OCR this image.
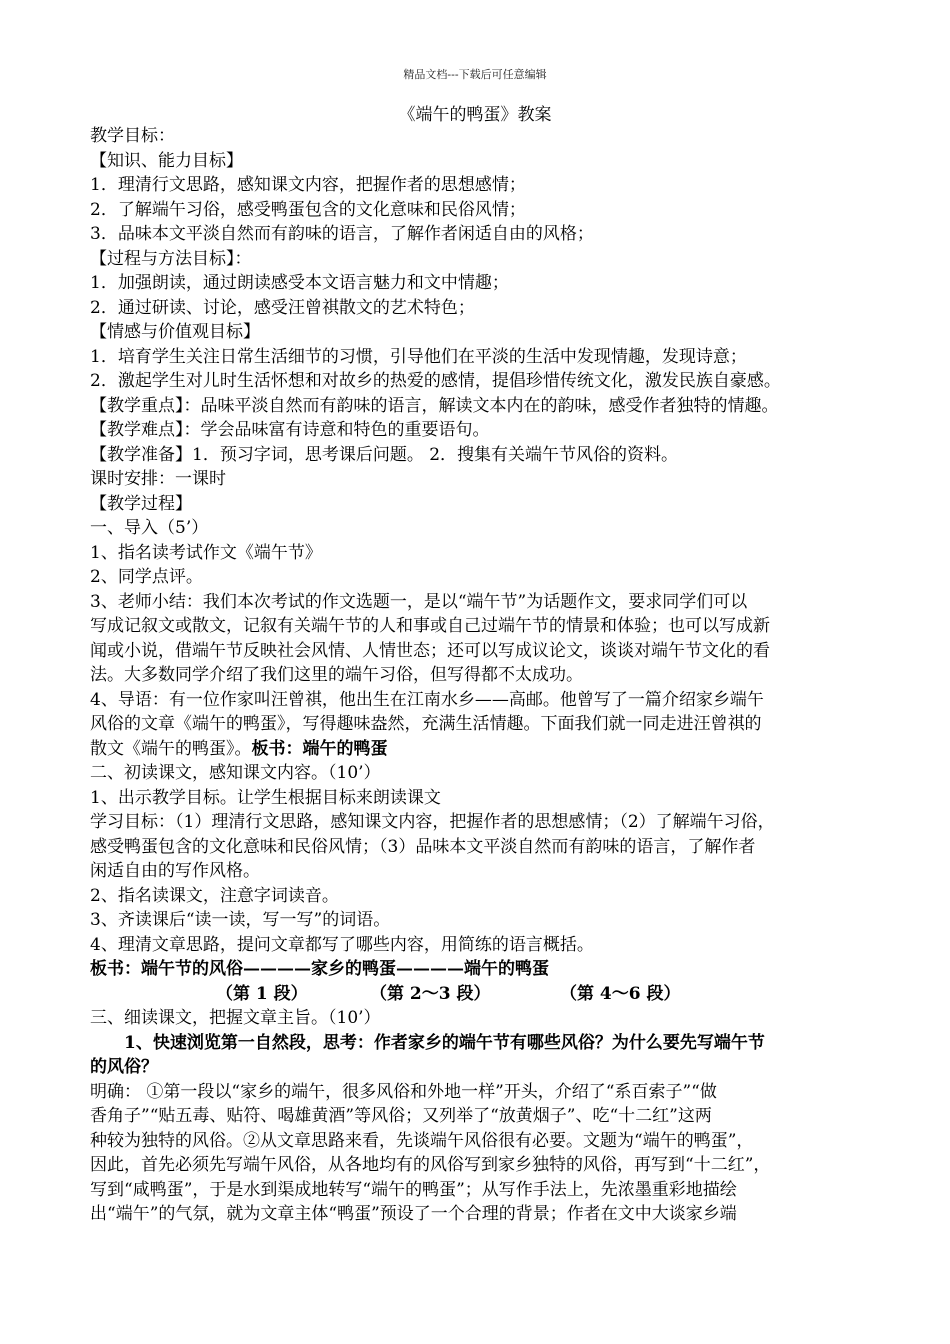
精品文档---下载后可任意编辑
《端午的鸭蛋》教案

教学目标：

【知识、能力目标】

1．理清行文思路，感知课文内容，把握作者的思想感情；

2．了解端午习俗，感受鸭蛋包含的文化意味和民俗风情；

3．品味本文平淡自然而有韵味的语言，了解作者闲适自由的风格；

【过程与方法目标】：

1．加强朗读，通过朗读感受本文语言魅力和文中情趣；

2．通过研读、讨论，感受汪曾祺散文的艺术特色；

【情感与价值观目标】

1．培育学生关注日常生活细节的习惯，引导他们在平淡的生活中发现情趣，发现诗意；

2．激起学生对儿时生活怀想和对故乡的热爱的感情，提倡珍惜传统文化，激发民族自豪感。

【教学重点】：品味平淡自然而有韵味的语言，解读文本内在的韵味，感受作者独特的情趣。

【教学难点】：学会品味富有诗意和特色的重要语句。

【教学准备】1．预习字词，思考课后问题。 2．搜集有关端午节风俗的资料。

课时安排：一课时

【教学过程】

一、导入（5’）

1、指名读考试作文《端午节》

2、同学点评。

3、老师小结：我们本次考试的作文选题一，是以“端午节”为话题作文，要求同学们可以

写成记叙文或散文，记叙有关端午节的人和事或自己过端午节的情景和体验；也可以写成新

闻或小说，借端午节反映社会风情、人情世态；还可以写成议论文，谈谈对端午节文化的看

法。大多数同学介绍了我们这里的端午习俗，但写得都不太成功。

4、导语：有一位作家叫汪曾祺，他出生在江南水乡——高邮。他曾写了一篇介绍家乡端午

风俗的文章《端午的鸭蛋》，写得趣味盎然，充满生活情趣。下面我们就一同走进汪曾祺的

散文《端午的鸭蛋》。板书：端午的鸭蛋

二、初读课文，感知课文内容。（10’）

1、出示教学目标。让学生根据目标来朗读课文

学习目标：（1）理清行文思路，感知课文内容，把握作者的思想感情；（2）了解端午习俗，

感受鸭蛋包含的文化意味和民俗风情；（3）品味本文平淡自然而有韵味的语言，了解作者

闲适自由的写作风格。

2、指名读课文，注意字词读音。

3、齐读课后“读一读，写一写”的词语。

4、理清文章思路，提问文章都写了哪些内容，用简练的语言概括。

板书：端午节的风俗————家乡的鸭蛋————端午的鸭蛋

（第 1 段）	（第 2～3 段）	（第 4～6 段）

三、细读课文，把握文章主旨。（10’）

1、快速浏览第一自然段，思考：作者家乡的端午节有哪些风俗？为什么要先写端午节

的风俗？

明确： ①第一段以“家乡的端午，很多风俗和外地一样”开头，介绍了“系百索子”“做

香角子”“贴五毒、贴符、喝雄黄酒”等风俗；又列举了“放黄烟子”、吃“十二红”这两

种较为独特的风俗。②从文章思路来看，先谈端午风俗很有必要。文题为“端午的鸭蛋”，

因此，首先必须先写端午风俗，从各地均有的风俗写到家乡独特的风俗，再写到“十二红”，

写到“咸鸭蛋”，于是水到渠成地转写“端午的鸭蛋”；从写作手法上，先浓墨重彩地描绘

出“端午”的气氛，就为文章主体“鸭蛋”预设了一个合理的背景；作者在文中大谈家乡端
